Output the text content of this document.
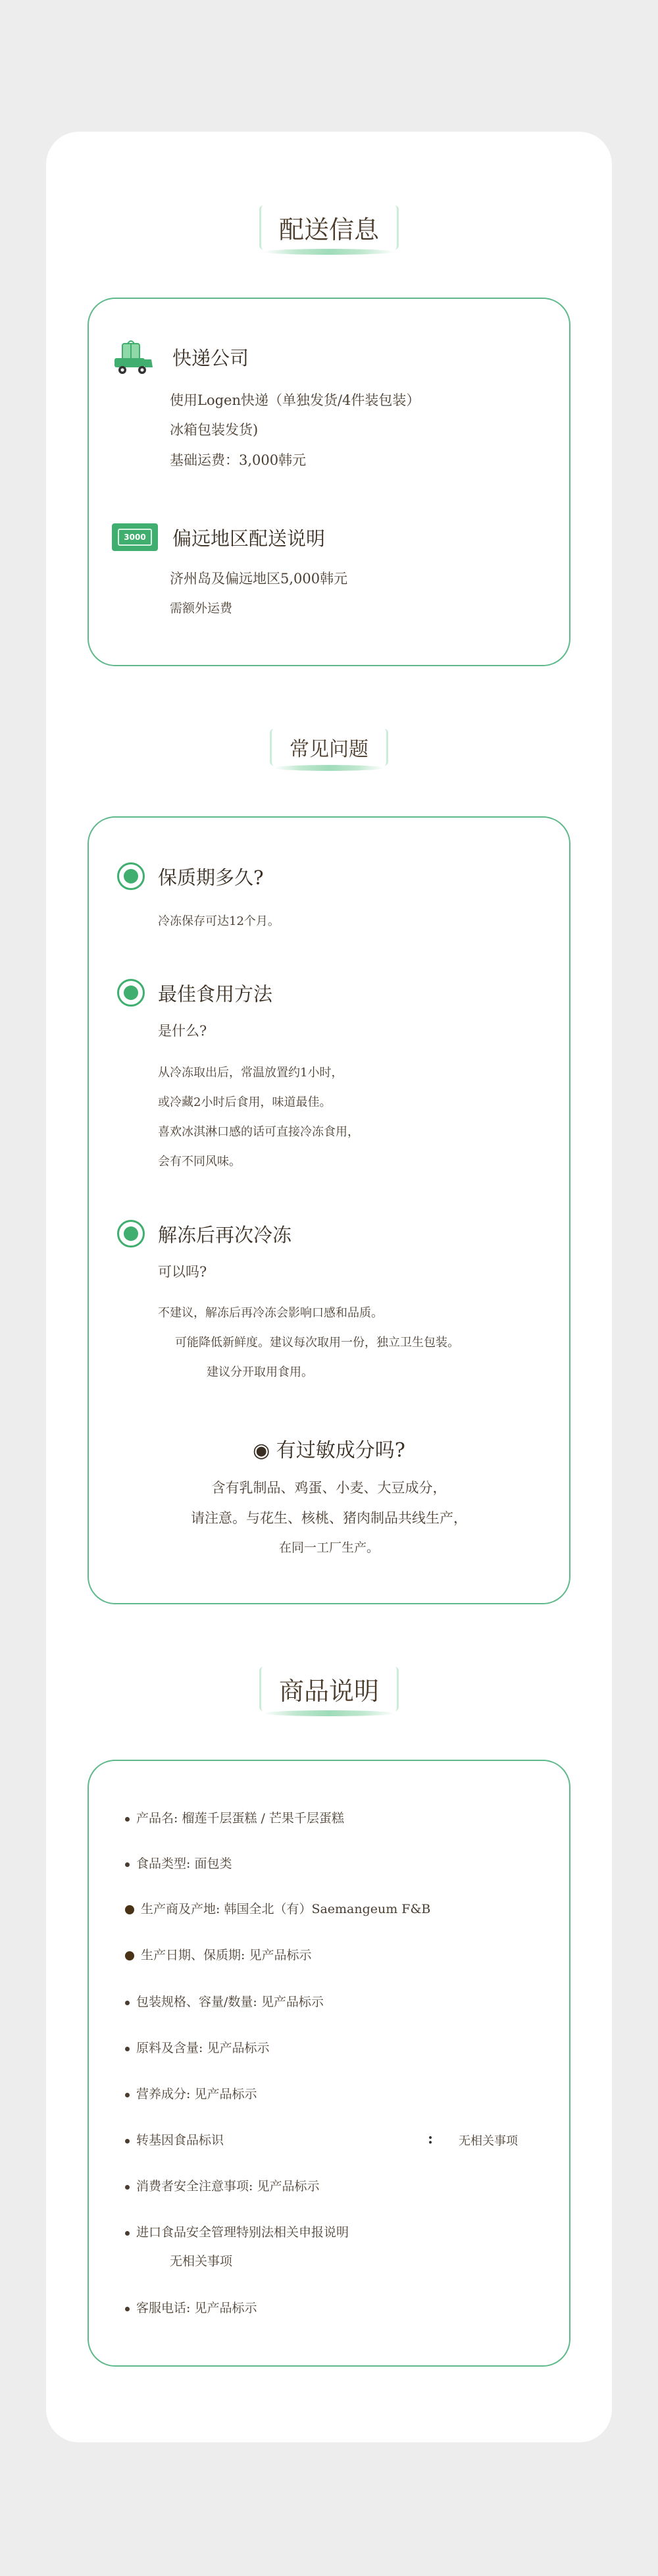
配送信息
快递公司
使用Logen快递（单独发货/4件装包装）
冰箱包装发货)
基础运费：3,000韩元
3000	偏远地区配送说明
济州岛及偏远地区5,000韩元
需额外运费
常见问题
保质期多久?
冷冻保存可达12个月。
最佳食用方法
是什么?
从冷冻取出后，常温放置约1小时，
或冷藏2小时后食用，味道最佳。
喜欢冰淇淋口感的话可直接冷冻食用，
会有不同风味。
解冻后再次冷冻
可以吗?
不建议，解冻后再冷冻会影响口感和品质。
可能降低新鲜度。建议每次取用一份，独立卫生包装。
建议分开取用食用。
◉ 有过敏成分吗?
含有乳制品、鸡蛋、小麦、大豆成分，
请注意。与花生、核桃、猪肉制品共线生产，
在同一工厂生产。
商品说明
产品名: 榴莲千层蛋糕 / 芒果千层蛋糕
食品类型: 面包类
生产商及产地: 韩国全北（有）Saemangeum F&B
生产日期、保质期: 见产品标示
包装规格、容量/数量: 见产品标示
原料及含量: 见产品标示
营养成分: 见产品标示
转基因食品标识	: 无相关事项
消费者安全注意事项: 见产品标示
进口食品安全管理特别法相关申报说明
无相关事项
客服电话: 见产品标示
